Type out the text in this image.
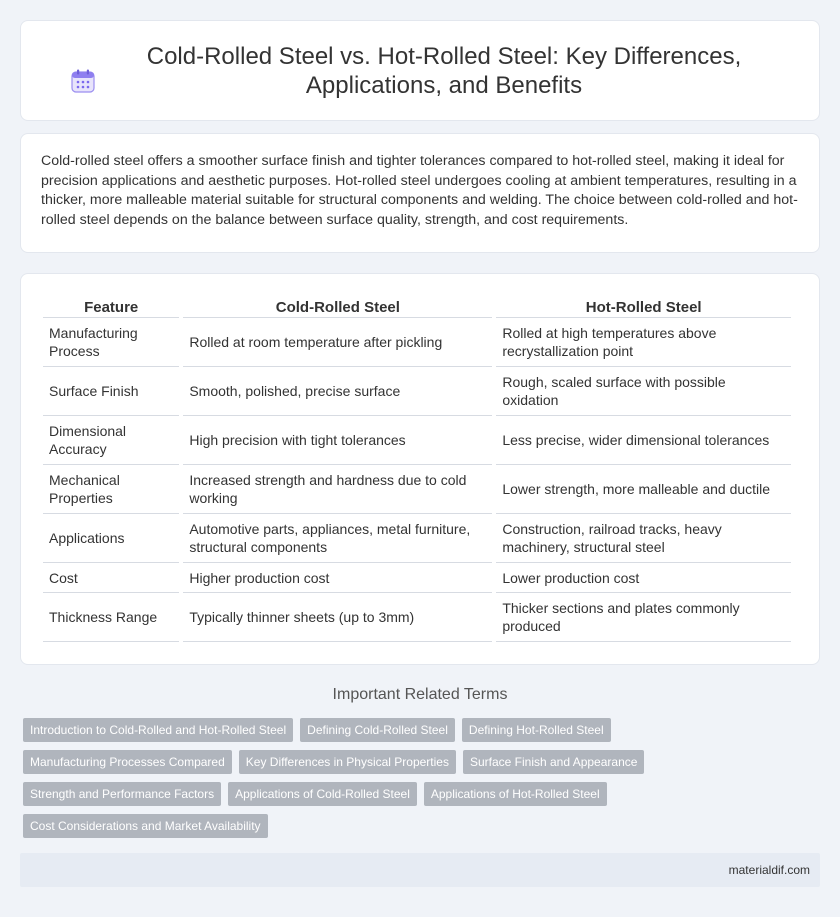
Cold-Rolled Steel vs. Hot-Rolled Steel: Key Differences, Applications, and Benefits

Cold-rolled steel offers a smoother surface finish and tighter tolerances compared to hot-rolled steel, making it ideal for precision applications and aesthetic purposes. Hot-rolled steel undergoes cooling at ambient temperatures, resulting in a thicker, more malleable material suitable for structural components and welding. The choice between cold-rolled and hot-rolled steel depends on the balance between surface quality, strength, and cost requirements.

Feature	Cold-Rolled Steel	Hot-Rolled Steel
Manufacturing Process	Rolled at room temperature after pickling	Rolled at high temperatures above recrystallization point
Surface Finish	Smooth, polished, precise surface	Rough, scaled surface with possible oxidation
Dimensional Accuracy	High precision with tight tolerances	Less precise, wider dimensional tolerances
Mechanical Properties	Increased strength and hardness due to cold working	Lower strength, more malleable and ductile
Applications	Automotive parts, appliances, metal furniture, structural components	Construction, railroad tracks, heavy machinery, structural steel
Cost	Higher production cost	Lower production cost
Thickness Range	Typically thinner sheets (up to 3mm)	Thicker sections and plates commonly produced
Important Related Terms
Introduction to Cold-Rolled and Hot-Rolled Steel	Defining Cold-Rolled Steel	Defining Hot-Rolled Steel
Manufacturing Processes Compared	Key Differences in Physical Properties	Surface Finish and Appearance
Strength and Performance Factors	Applications of Cold-Rolled Steel	Applications of Hot-Rolled Steel
Cost Considerations and Market Availability
materialdif.com
